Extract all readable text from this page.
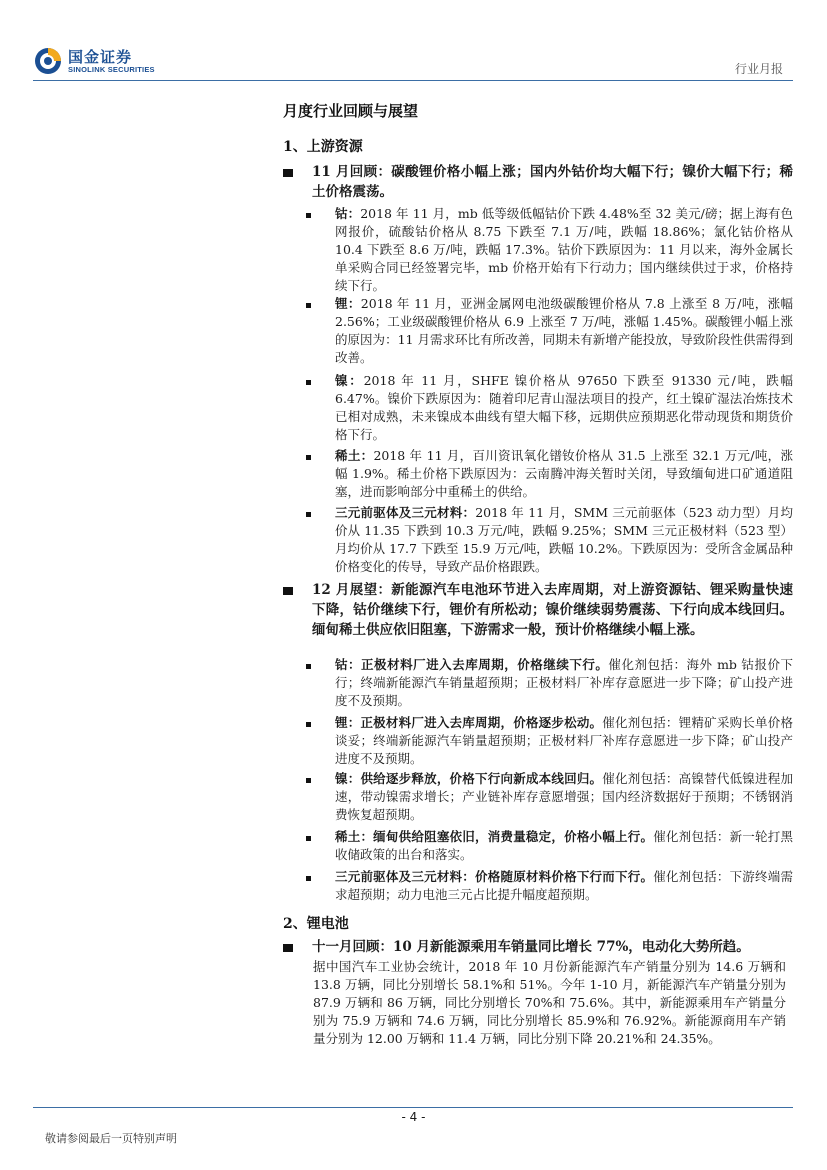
国金证券
SINOLINK SECURITIES	行业月报
月度行业回顾与展望
1、上游资源
11 月回顾：碳酸锂价格小幅上涨；国内外钴价均大幅下行；镍价大幅下行；稀土价格震荡。
钴：2018 年 11 月，mb 低等级低幅钴价下跌 4.48%至 32 美元/磅；据上海有色网报价，硫酸钴价格从 8.75 下跌至 7.1 万/吨，跌幅 18.86%；氯化钴价格从 10.4 下跌至 8.6 万/吨，跌幅 17.3%。钴价下跌原因为：11 月以来，海外金属长单采购合同已经签署完毕，mb 价格开始有下行动力；国内继续供过于求，价格持续下行。
锂：2018 年 11 月，亚洲金属网电池级碳酸锂价格从 7.8 上涨至 8 万/吨，涨幅 2.56%；工业级碳酸锂价格从 6.9 上涨至 7 万/吨，涨幅 1.45%。碳酸锂小幅上涨的原因为：11 月需求环比有所改善，同期未有新增产能投放，导致阶段性供需得到改善。
镍：2018 年 11 月，SHFE 镍价格从 97650 下跌至 91330 元/吨，跌幅 6.47%。镍价下跌原因为：随着印尼青山湿法项目的投产，红土镍矿湿法冶炼技术已相对成熟，未来镍成本曲线有望大幅下移，远期供应预期恶化带动现货和期货价格下行。
稀土：2018 年 11 月，百川资讯氧化镨钕价格从 31.5 上涨至 32.1 万元/吨，涨幅 1.9%。稀土价格下跌原因为：云南腾冲海关暂时关闭，导致缅甸进口矿通道阻塞，进而影响部分中重稀土的供给。
三元前驱体及三元材料：2018 年 11 月，SMM 三元前驱体（523 动力型）月均价从 11.35 下跌到 10.3 万元/吨，跌幅 9.25%；SMM 三元正极材料（523 型）月均价从 17.7 下跌至 15.9 万元/吨，跌幅 10.2%。下跌原因为：受所含金属品种价格变化的传导，导致产品价格跟跌。
12 月展望：新能源汽车电池环节进入去库周期，对上游资源钴、锂采购量快速下降，钴价继续下行，锂价有所松动；镍价继续弱势震荡、下行向成本线回归。缅甸稀土供应依旧阻塞，下游需求一般，预计价格继续小幅上涨。
钴：正极材料厂进入去库周期，价格继续下行。催化剂包括：海外 mb 钴报价下行；终端新能源汽车销量超预期；正极材料厂补库存意愿进一步下降；矿山投产进度不及预期。
锂：正极材料厂进入去库周期，价格逐步松动。催化剂包括：锂精矿采购长单价格谈妥；终端新能源汽车销量超预期；正极材料厂补库存意愿进一步下降；矿山投产进度不及预期。
镍：供给逐步释放，价格下行向新成本线回归。催化剂包括：高镍替代低镍进程加速，带动镍需求增长；产业链补库存意愿增强；国内经济数据好于预期；不锈钢消费恢复超预期。
稀土：缅甸供给阻塞依旧，消费量稳定，价格小幅上行。催化剂包括：新一轮打黑收储政策的出台和落实。
三元前驱体及三元材料：价格随原材料价格下行而下行。催化剂包括：下游终端需求超预期；动力电池三元占比提升幅度超预期。
2、锂电池
十一月回顾：10 月新能源乘用车销量同比增长 77%，电动化大势所趋。
据中国汽车工业协会统计，2018 年 10 月份新能源汽车产销量分别为 14.6 万辆和 13.8 万辆，同比分别增长 58.1%和 51%。今年 1-10 月，新能源汽车产销量分别为 87.9 万辆和 86 万辆，同比分别增长 70%和 75.6%。其中，新能源乘用车产销量分别为 75.9 万辆和 74.6 万辆，同比分别增长 85.9%和 76.92%。新能源商用车产销量分别为 12.00 万辆和 11.4 万辆，同比分别下降 20.21%和 24.35%。
- 4 -
敬请参阅最后一页特别声明
